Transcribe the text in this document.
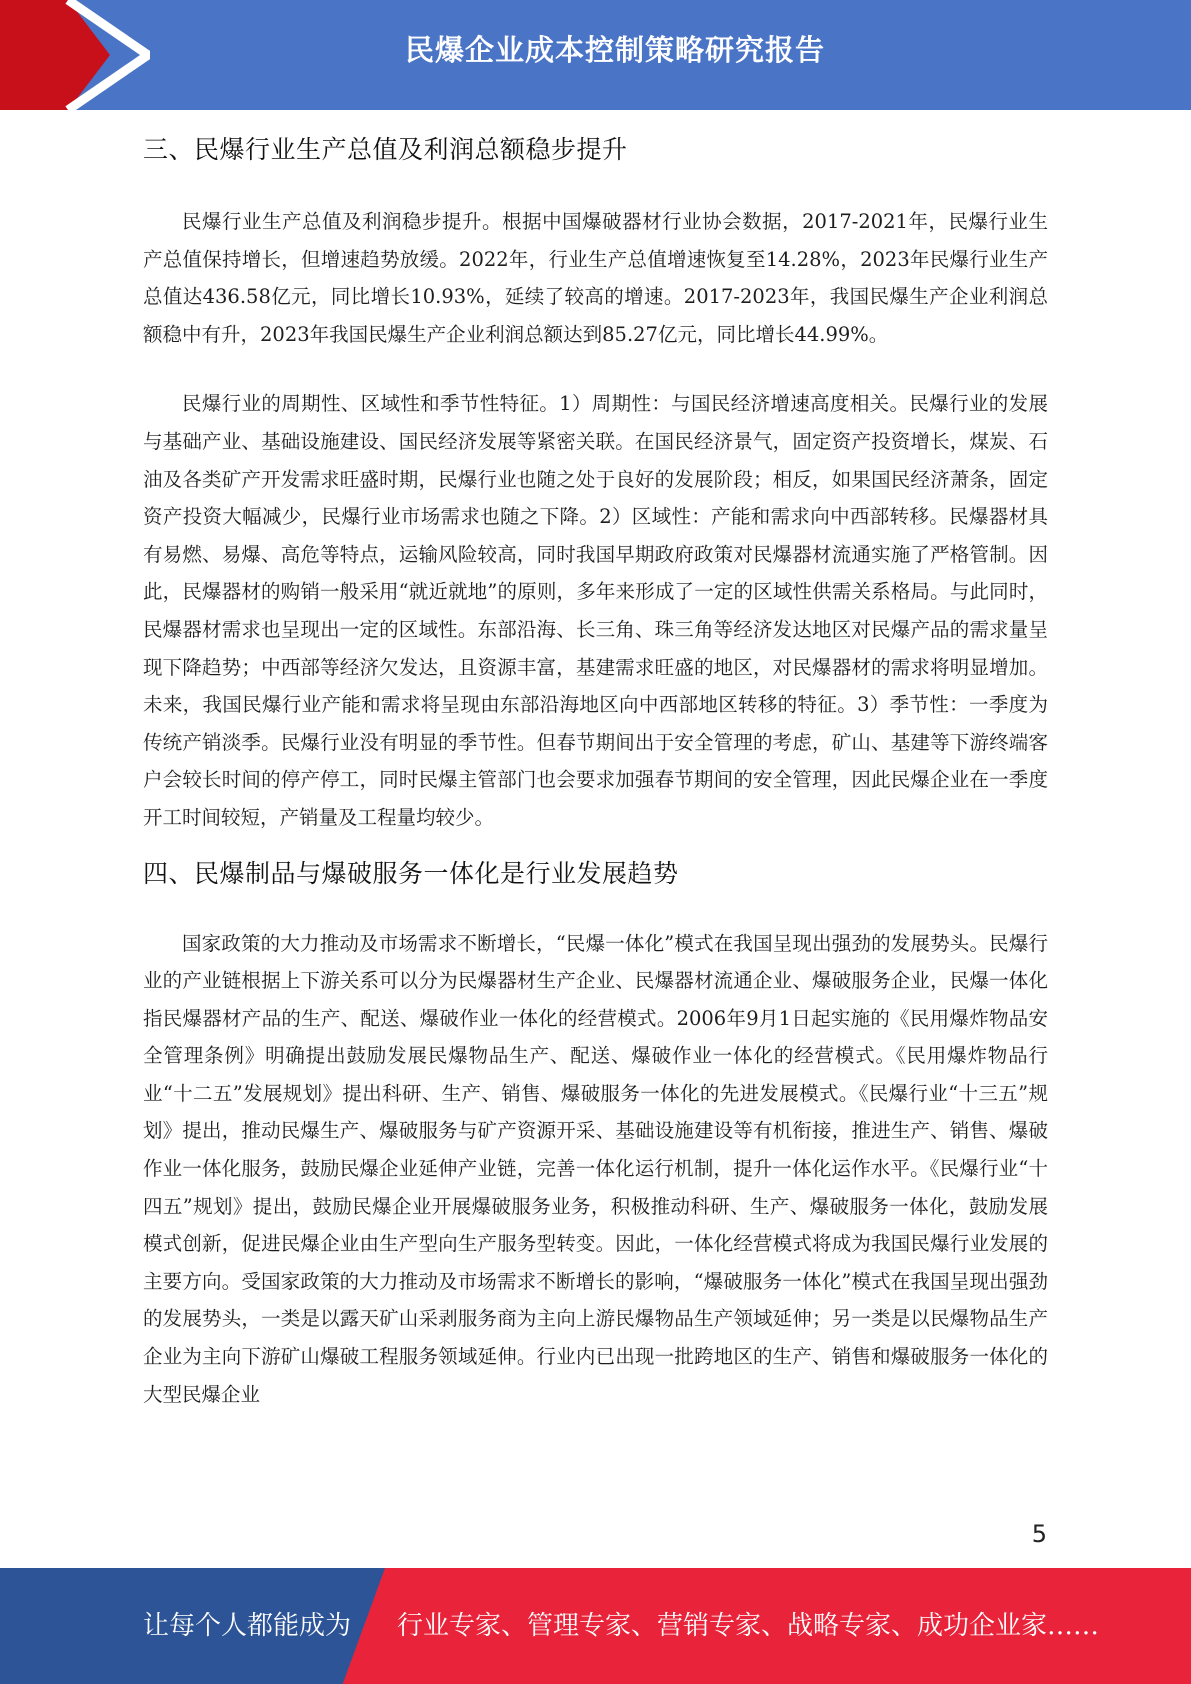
民爆企业成本控制策略研究报告
三、民爆行业生产总值及利润总额稳步提升

民爆行业生产总值及利润稳步提升。根据中国爆破器材行业协会数据，2017-2021年，民爆行业生产总值保持增长，但增速趋势放缓。2022年，行业生产总值增速恢复至14.28%，2023年民爆行业生产总值达436.58亿元，同比增长10.93%，延续了较高的增速。2017-2023年，我国民爆生产企业利润总额稳中有升，2023年我国民爆生产企业利润总额达到85.27亿元，同比增长44.99%。

民爆行业的周期性、区域性和季节性特征。1）周期性：与国民经济增速高度相关。民爆行业的发展与基础产业、基础设施建设、国民经济发展等紧密关联。在国民经济景气，固定资产投资增长，煤炭、石油及各类矿产开发需求旺盛时期，民爆行业也随之处于良好的发展阶段；相反，如果国民经济萧条，固定资产投资大幅减少，民爆行业市场需求也随之下降。2）区域性：产能和需求向中西部转移。民爆器材具有易燃、易爆、高危等特点，运输风险较高，同时我国早期政府政策对民爆器材流通实施了严格管制。因此，民爆器材的购销一般采用“就近就地”的原则，多年来形成了一定的区域性供需关系格局。与此同时，民爆器材需求也呈现出一定的区域性。东部沿海、长三角、珠三角等经济发达地区对民爆产品的需求量呈现下降趋势；中西部等经济欠发达，且资源丰富，基建需求旺盛的地区，对民爆器材的需求将明显增加。未来，我国民爆行业产能和需求将呈现由东部沿海地区向中西部地区转移的特征。3）季节性：一季度为传统产销淡季。民爆行业没有明显的季节性。但春节期间出于安全管理的考虑，矿山、基建等下游终端客户会较长时间的停产停工，同时民爆主管部门也会要求加强春节期间的安全管理，因此民爆企业在一季度开工时间较短，产销量及工程量均较少。

四、民爆制品与爆破服务一体化是行业发展趋势

国家政策的大力推动及市场需求不断增长，“民爆一体化”模式在我国呈现出强劲的发展势头。民爆行业的产业链根据上下游关系可以分为民爆器材生产企业、民爆器材流通企业、爆破服务企业，民爆一体化指民爆器材产品的生产、配送、爆破作业一体化的经营模式。2006年9月1日起实施的《民用爆炸物品安全管理条例》明确提出鼓励发展民爆物品生产、配送、爆破作业一体化的经营模式。《民用爆炸物品行业“十二五”发展规划》提出科研、生产、销售、爆破服务一体化的先进发展模式。《民爆行业“十三五”规划》提出，推动民爆生产、爆破服务与矿产资源开采、基础设施建设等有机衔接，推进生产、销售、爆破作业一体化服务，鼓励民爆企业延伸产业链，完善一体化运行机制，提升一体化运作水平。《民爆行业“十四五”规划》提出，鼓励民爆企业开展爆破服务业务，积极推动科研、生产、爆破服务一体化，鼓励发展模式创新，促进民爆企业由生产型向生产服务型转变。因此，一体化经营模式将成为我国民爆行业发展的主要方向。受国家政策的大力推动及市场需求不断增长的影响，“爆破服务一体化”模式在我国呈现出强劲的发展势头，一类是以露天矿山采剥服务商为主向上游民爆物品生产领域延伸；另一类是以民爆物品生产企业为主向下游矿山爆破工程服务领域延伸。行业内已出现一批跨地区的生产、销售和爆破服务一体化的大型民爆企业

5
让每个人都能成为 行业专家、管理专家、营销专家、战略专家、成功企业家……
